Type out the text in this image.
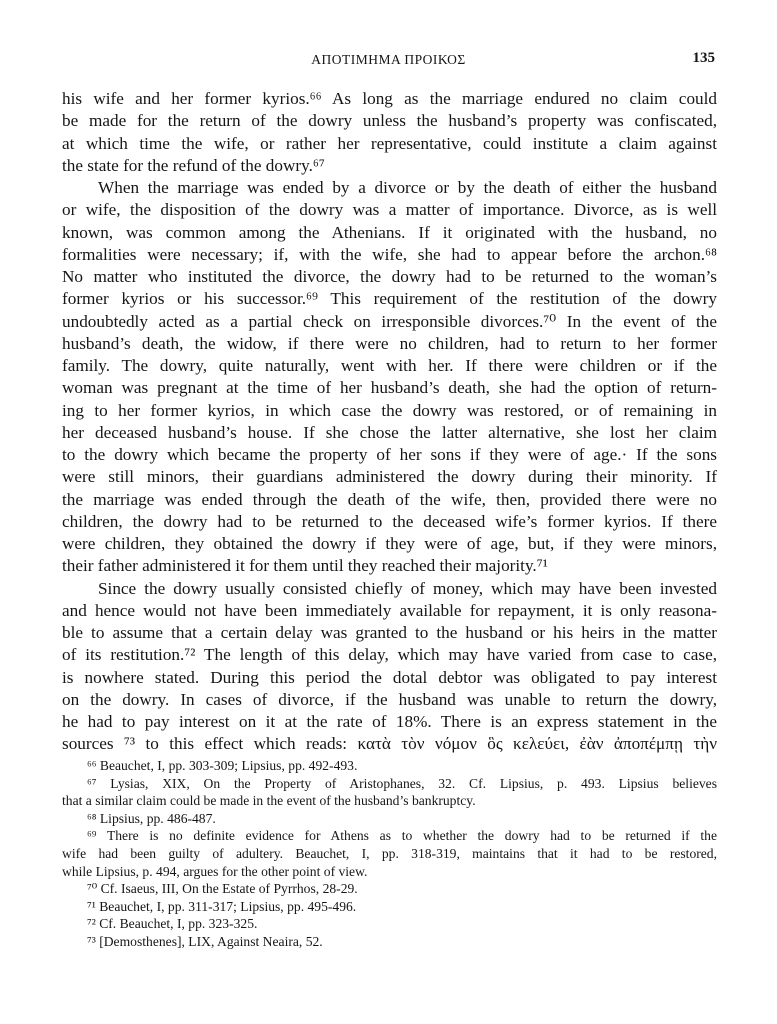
ΑΠΟΤΙΜΗΜΑ ΠΡΟΙΚΟΣ	135
his wife and her former kyrios.⁶⁶ As long as the marriage endured no claim could
be made for the return of the dowry unless the husband’s property was confiscated,
at which time the wife, or rather her representative, could institute a claim against
the state for the refund of the dowry.⁶⁷
When the marriage was ended by a divorce or by the death of either the husband
or wife, the disposition of the dowry was a matter of importance. Divorce, as is well
known, was common among the Athenians. If it originated with the husband, no
formalities were necessary; if, with the wife, she had to appear before the archon.⁶⁸
No matter who instituted the divorce, the dowry had to be returned to the woman’s
former kyrios or his successor.⁶⁹ This requirement of the restitution of the dowry
undoubtedly acted as a partial check on irresponsible divorces.⁷⁰ In the event of the
husband’s death, the widow, if there were no children, had to return to her former
family. The dowry, quite naturally, went with her. If there were children or if the
woman was pregnant at the time of her husband’s death, she had the option of return-
ing to her former kyrios, in which case the dowry was restored, or of remaining in
her deceased husband’s house. If she chose the latter alternative, she lost her claim
to the dowry which became the property of her sons if they were of age.· If the sons
were still minors, their guardians administered the dowry during their minority. If
the marriage was ended through the death of the wife, then, provided there were no
children, the dowry had to be returned to the deceased wife’s former kyrios. If there
were children, they obtained the dowry if they were of age, but, if they were minors,
their father administered it for them until they reached their majority.⁷¹
Since the dowry usually consisted chiefly of money, which may have been invested
and hence would not have been immediately available for repayment, it is only reasona-
ble to assume that a certain delay was granted to the husband or his heirs in the matter
of its restitution.⁷² The length of this delay, which may have varied from case to case,
is nowhere stated. During this period the dotal debtor was obligated to pay interest
on the dowry. In cases of divorce, if the husband was unable to return the dowry,
he had to pay interest on it at the rate of 18%. There is an express statement in the
sources ⁷³ to this effect which reads: κατὰ τὸν νόμον ὃς κελεύει, ἐὰν ἀποπέμπῃ τὴν
⁶⁶ Beauchet, I, pp. 303-309; Lipsius, pp. 492-493.
⁶⁷ Lysias, XIX, On the Property of Aristophanes, 32. Cf. Lipsius, p. 493. Lipsius believes
that a similar claim could be made in the event of the husband’s bankruptcy.
⁶⁸ Lipsius, pp. 486-487.
⁶⁹ There is no definite evidence for Athens as to whether the dowry had to be returned if the
wife had been guilty of adultery. Beauchet, I, pp. 318-319, maintains that it had to be restored,
while Lipsius, p. 494, argues for the other point of view.
⁷⁰ Cf. Isaeus, III, On the Estate of Pyrrhos, 28-29.
⁷¹ Beauchet, I, pp. 311-317; Lipsius, pp. 495-496.
⁷² Cf. Beauchet, I, pp. 323-325.
⁷³ [Demosthenes], LIX, Against Neaira, 52.
